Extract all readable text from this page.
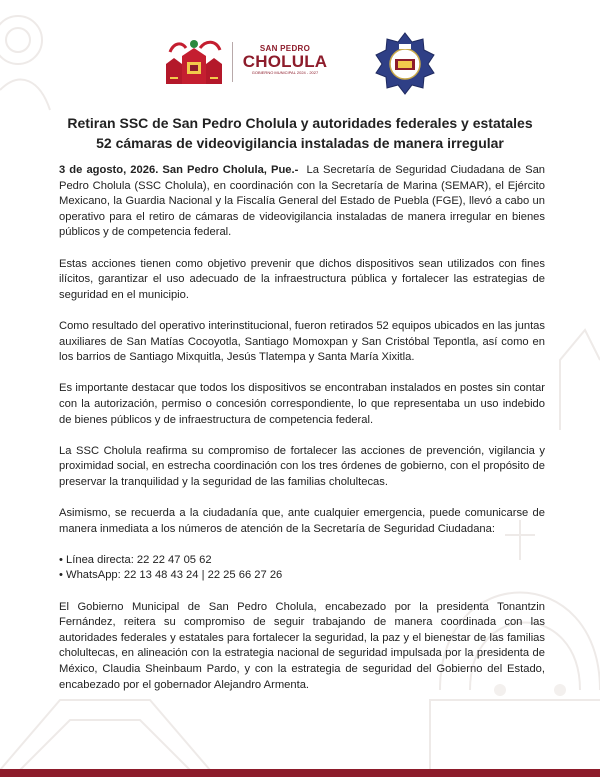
SAN PEDRO
CHOLULA
GOBIERNO MUNICIPAL 2024 - 2027
Retiran SSC de San Pedro Cholula y autoridades federales y estatales
52 cámaras de videovigilancia instaladas de manera irregular

3 de agosto, 2026. San Pedro Cholula, Pue.- La Secretaría de Seguridad Ciudadana de San Pedro Cholula (SSC Cholula), en coordinación con la Secretaría de Marina (SEMAR), el Ejército Mexicano, la Guardia Nacional y la Fiscalía General del Estado de Puebla (FGE), llevó a cabo un operativo para el retiro de cámaras de videovigilancia instaladas de manera irregular en bienes públicos y de competencia federal.

Estas acciones tienen como objetivo prevenir que dichos dispositivos sean utilizados con fines ilícitos, garantizar el uso adecuado de la infraestructura pública y fortalecer las estrategias de seguridad en el municipio.

Como resultado del operativo interinstitucional, fueron retirados 52 equipos ubicados en las juntas auxiliares de San Matías Cocoyotla, Santiago Momoxpan y San Cristóbal Tepontla, así como en los barrios de Santiago Mixquitla, Jesús Tlatempa y Santa María Xixitla.

Es importante destacar que todos los dispositivos se encontraban instalados en postes sin contar con la autorización, permiso o concesión correspondiente, lo que representaba un uso indebido de bienes públicos y de infraestructura de competencia federal.

La SSC Cholula reafirma su compromiso de fortalecer las acciones de prevención, vigilancia y proximidad social, en estrecha coordinación con los tres órdenes de gobierno, con el propósito de preservar la tranquilidad y la seguridad de las familias cholultecas.

Asimismo, se recuerda a la ciudadanía que, ante cualquier emergencia, puede comunicarse de manera inmediata a los números de atención de la Secretaría de Seguridad Ciudadana:

• Línea directa: 22 22 47 05 62
• WhatsApp: 22 13 48 43 24 | 22 25 66 27 26

El Gobierno Municipal de San Pedro Cholula, encabezado por la presidenta Tonantzin Fernández, reitera su compromiso de seguir trabajando de manera coordinada con las autoridades federales y estatales para fortalecer la seguridad, la paz y el bienestar de las familias cholultecas, en alineación con la estrategia nacional de seguridad impulsada por la presidenta de México, Claudia Sheinbaum Pardo, y con la estrategia de seguridad del Gobierno del Estado, encabezado por el gobernador Alejandro Armenta.
